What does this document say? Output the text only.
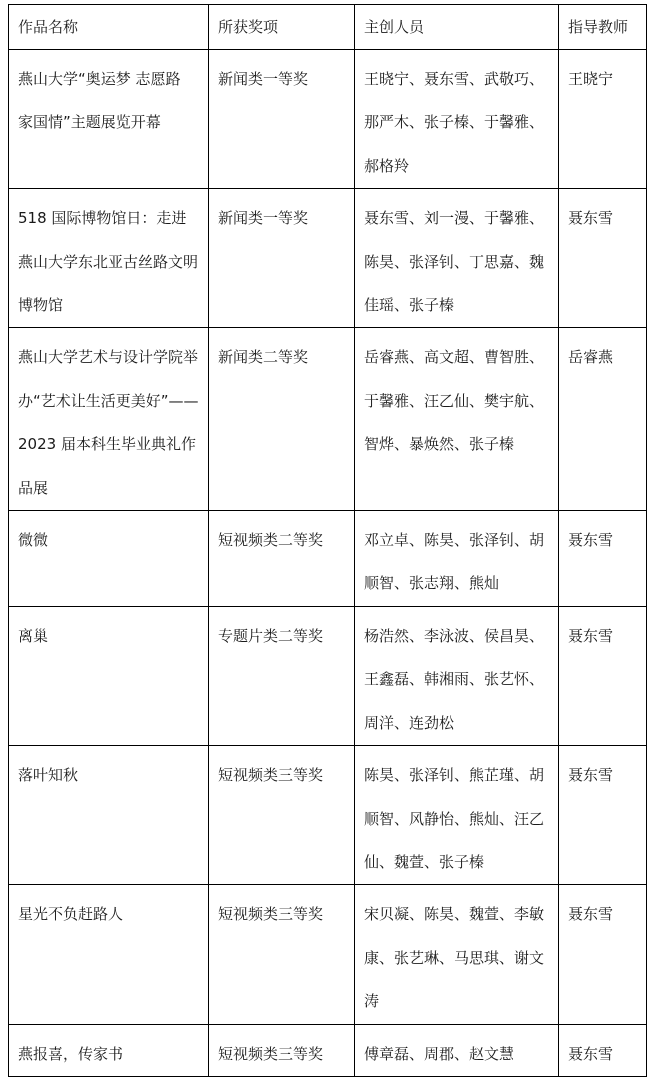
作品名称	所获奖项	主创人员	指导教师
燕山大学“奥运梦 志愿路 家国情”主题展览开幕	新闻类一等奖	王晓宁、聂东雪、武敬巧、那严木、张子榛、于馨雅、郝格羚	王晓宁
518 国际博物馆日：走进燕山大学东北亚古丝路文明博物馆	新闻类一等奖	聂东雪、刘一漫、于馨雅、陈昊、张泽钊、丁思嘉、魏佳瑶、张子榛	聂东雪
燕山大学艺术与设计学院举办“艺术让生活更美好”——2023 届本科生毕业典礼作品展	新闻类二等奖	岳睿燕、高文超、曹智胜、于馨雅、汪乙仙、樊宇航、智烨、暴焕然、张子榛	岳睿燕
微微	短视频类二等奖	邓立卓、陈昊、张泽钊、胡顺智、张志翔、熊灿	聂东雪
离巢	专题片类二等奖	杨浩然、李泳波、侯昌昊、王鑫磊、韩湘雨、张艺怀、周洋、连劲松	聂东雪
落叶知秋	短视频类三等奖	陈昊、张泽钊、熊芷瑾、胡顺智、风静怡、熊灿、汪乙仙、魏萱、张子榛	聂东雪
星光不负赶路人	短视频类三等奖	宋贝凝、陈昊、魏萱、李敏康、张艺琳、马思琪、谢文涛	聂东雪
燕报喜，传家书	短视频类三等奖	傅章磊、周郡、赵文慧	聂东雪
